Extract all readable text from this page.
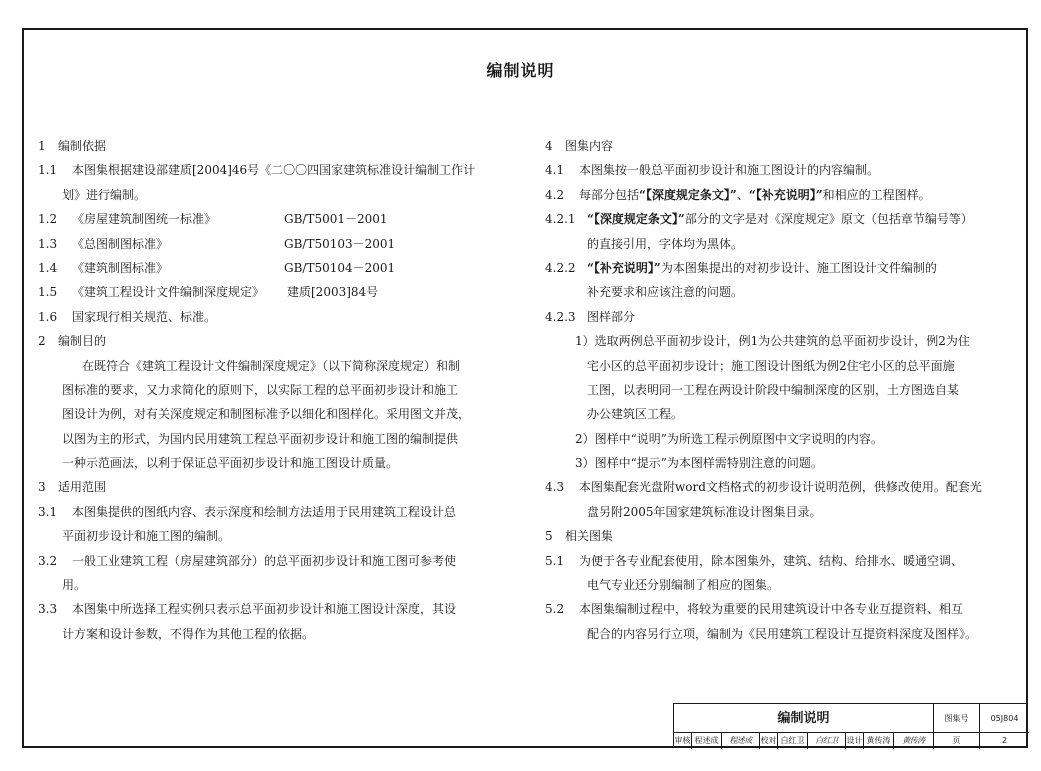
编制说明
1 编制依据
1.1 本图集根据建设部建质[2004]46号《二〇〇四国家建筑标准设计编制工作计
划》进行编制。
1.2 《房屋建筑制图统一标准》	GB/T5001－2001
1.3 《总图制图标准》	GB/T50103－2001
1.4 《建筑制图标准》	GB/T50104－2001
1.5 《建筑工程设计文件编制深度规定》 建质[2003]84号
1.6 国家现行相关规范、标准。
2 编制目的
在既符合《建筑工程设计文件编制深度规定》（以下简称深度规定）和制
图标准的要求，又力求简化的原则下，以实际工程的总平面初步设计和施工
图设计为例，对有关深度规定和制图标准予以细化和图样化。采用图文并茂，
以图为主的形式，为国内民用建筑工程总平面初步设计和施工图的编制提供
一种示范画法，以利于保证总平面初步设计和施工图设计质量。
3 适用范围
3.1 本图集提供的图纸内容、表示深度和绘制方法适用于民用建筑工程设计总
平面初步设计和施工图的编制。
3.2 一般工业建筑工程（房屋建筑部分）的总平面初步设计和施工图可参考使
用。
3.3 本图集中所选择工程实例只表示总平面初步设计和施工图设计深度，其设
计方案和设计参数，不得作为其他工程的依据。
4 图集内容
4.1 本图集按一般总平面初步设计和施工图设计的内容编制。
4.2 每部分包括“【深度规定条文】”、“【补充说明】”和相应的工程图样。
4.2.1 “【深度规定条文】”部分的文字是对《深度规定》原文（包括章节编号等）
的直接引用，字体均为黑体。
4.2.2 “【补充说明】”为本图集提出的对初步设计、施工图设计文件编制的
补充要求和应该注意的问题。
4.2.3 图样部分
1）选取两例总平面初步设计，例1为公共建筑的总平面初步设计，例2为住
宅小区的总平面初步设计；施工图设计图纸为例2住宅小区的总平面施
工图，以表明同一工程在两设计阶段中编制深度的区别，土方图选自某
办公建筑区工程。
2）图样中“说明”为所选工程示例原图中文字说明的内容。
3）图样中“提示”为本图样需特别注意的问题。
4.3 本图集配套光盘附word文档格式的初步设计说明范例，供修改使用。配套光
盘另附2005年国家建筑标准设计图集目录。
5 相关图集
5.1 为便于各专业配套使用，除本图集外，建筑、结构、给排水、暖通空调、
电气专业还分别编制了相应的图集。
5.2 本图集编制过程中，将较为重要的民用建筑设计中各专业互提资料、相互
配合的内容另行立项，编制为《民用建筑工程设计互提资料深度及图样》。
编制说明	图集号	05J804
审核 程述成	程述成	校对 白红卫	白红卫	设计 黄传涛	黄传涛	页	2
